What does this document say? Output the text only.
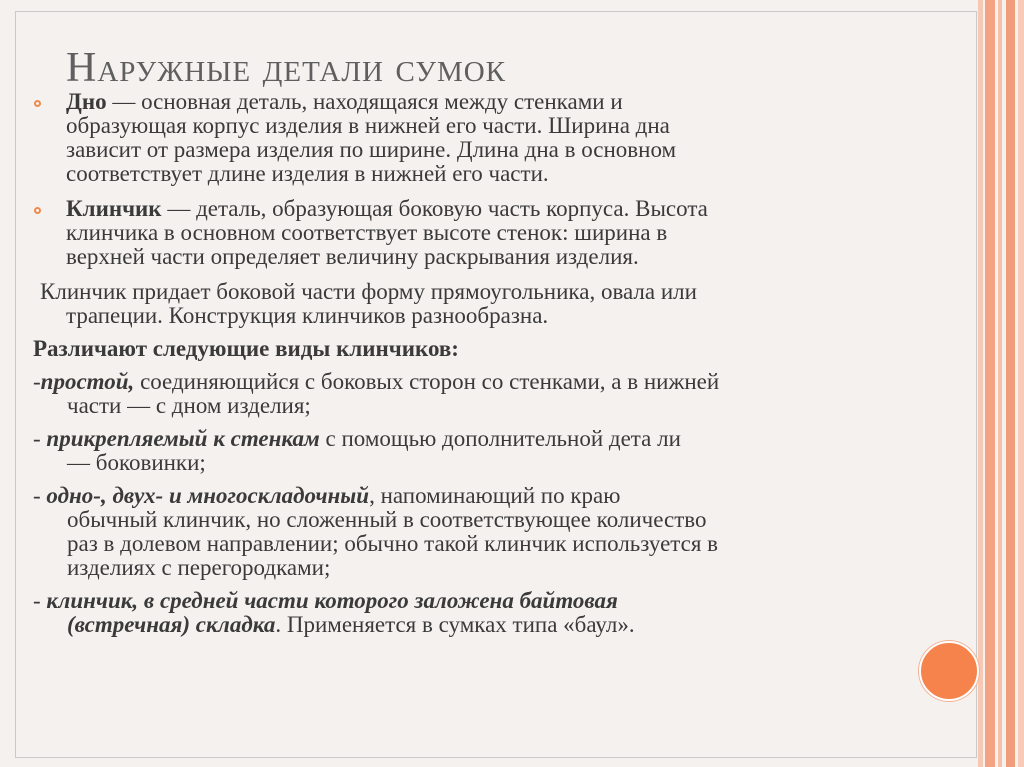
Наружные детали сумок
Дно — основная деталь, находящаяся между стенками и
образующая корпус изделия в нижней его части. Ширина дна
зависит от размера изделия по ширине. Длина дна в основном
соответствует длине изделия в нижней его части.
Клинчик — деталь, образующая боковую часть корпуса. Высота
клинчика в основном соответствует высоте стенок: ширина в
верхней части определяет величину раскрывания изделия.
Клинчик придает боковой части форму прямоугольника, овала или
трапеции. Конструкция клинчиков разнообразна.
Различают следующие виды клинчиков:
-простой, соединяющийся с боковых сторон со стенками, а в нижней
части — с дном изделия;
- прикрепляемый к стенкам с помощью дополнительной дета ли
— боковинки;
- одно-, двух- и многоскладочный, напоминающий по краю
обычный клинчик, но сложенный в соответствующее количество
раз в долевом направлении; обычно такой клинчик используется в
изделиях с перегородками;
- клинчик, в средней части которого заложена байтовая
(встречная) складка. Применяется в сумках типа «баул».
